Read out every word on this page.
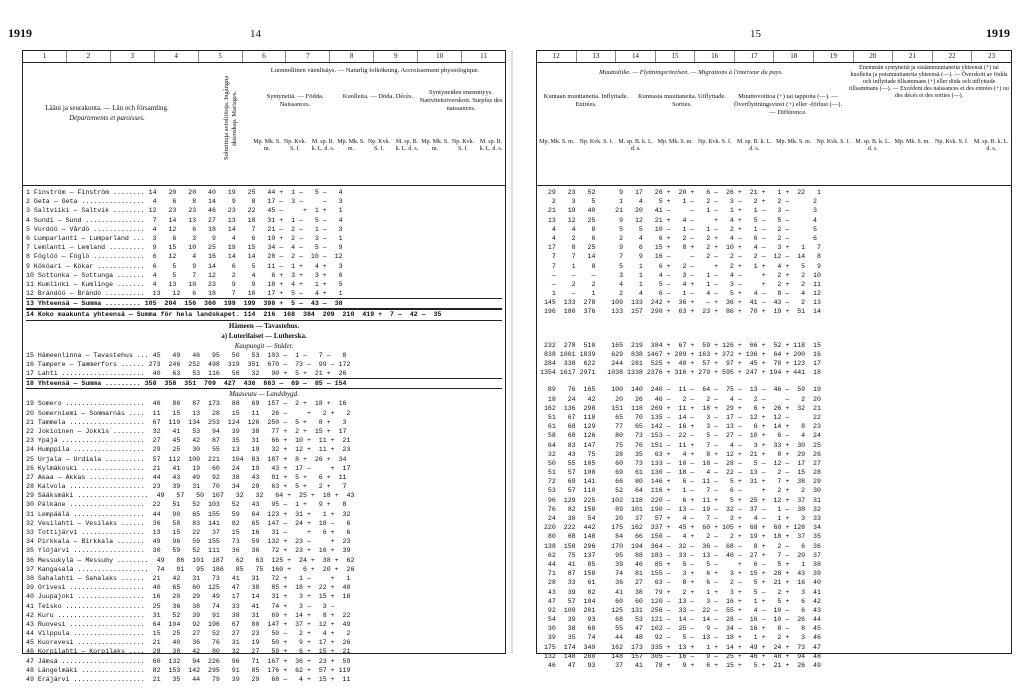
1919	14	15	1919
1	2	3	4	5	6	7	8	9	10	11
Lääni ja seurakunta. — Län och församling.
Départements et paroisses.	Solmittuja avioliittoja. Ingångna äktenskap. Mariages.
Luonnollinen väenlisäys. — Naturlig folkökning. Accroissement physiologique.
Syntyneitä. — Födda. Naissances.
Kuolleita. — Döda. Décès.
Syntyneiden enemmyys. Nativitetsöverskott. Surplus des naissances.
Mp. Mk. S. m.
Np. Kvk. S. f.
M. sp. B. k. L. d. s.
Mp. Mk. S. m.
Np. Kvk. S. f.
M. sp. B. k. L. d. s.
Mp. Mk. S. m.
Np. Kvk. S. f.
M. sp. B. k. L. d. s.
1 Finström — Finström ........ 14   20   20   40   19   25   44 +  1 —   5 —   4
2 Geta — Geta ................  4    6    8   14    9    8   17 —  3 —     —   3
3 Saltviiki — Saltvik ........ 12   23   23   46   23   22   45 —     +  1 +   1
4 Sundi — Sund ...............  7   14   13   27   13   18   31 +  1 —   5 —   4
5 Vordöö — Vårdö .............  4   12    6   18   14    7   21 —  2 —   1 —   3
6 Lumparlanti — Lumparland ...  3    6    3    9    4    6   10 +  2 —   3 —   1
7 Lemlanti — Lemland .........  9   15   10   25   19   15   34 —  4 —   5 —   9
8 Föglöö — Föglö .............  6   12    4   16   14   14   28 —  2 —  10 —  12
9 Kököari — Kökar ............  6    5    9   14    6    5   11 —  1 +   4 +   3
10 Sottunka — Sottunga .......  4    5    7   12    2    4    6 +  3 +   3 +   6
11 Kumlinki — Kumlinge .......  4   13   10   23    9    9   18 +  4 +   1 +   5
12 Brändöö — Brändö ..........  13   12   6   18    7   10   17 +  5 —   4 +   1
13 Yhteensä — Summa ......... 105  204  156  360  199  199  398 +  5 —  43 —  38
14 Koko maakunta yhteensä — Summa för hela landskapet. 114  216  168  384  209  210  419 +  7 —  42 —  35
Hämeen — Tavastehus.
a) Luterilaiset — Lutherska.
Kaupungit — Städer.
15 Hämeenlinna — Tavastehus ... 45   49   46   95   50   53  103 —  1 —   7 —   8
16 Tampere — Tammerfors ...... 273  246  252  498  319  351  670 —  73 —  99 — 172
17 Lahti .....................  40   63   53  116   58   32   90 +  5 +  21 +  26
18 Yhteensä — Summa ......... 358  358  351  709  427  436  863 —  69 —  85 — 154
Maaseutu — Landsbygd.
19 Somero ....................  46   86   87  173   88   69  157 —  2 +  18 +  16
20 Somerniemi — Sommarnäs ....  11   15   13   28   15   11   26 —     +   2 +   2
21 Tammela ...................  67  119  134  253  124  126  250 —  5 +   8 +   3
22 Jokioinen — Jokkis ........  32   41   53   94   39   38   77 +  2 +  15 +  17
23 Ypäjä .....................  27   45   42   87   35   31   66 +  10 +  11 +  21
24 Humppila ..................  29   25   30   55   13   19   32 +  12 +  11 +  23
25 Urjala — Urdiala ..........  57  112  109  221   104  83  187 +  8 +  26 +  34
26 Kylmäkoski ................  21   41   19   60   24   19   43 +  17 —     +  17
27 Akaa — Akkas ..............  44   43   49   92   38   43   81 +  5 +   6 +  11
28 Kalvola ...................  23   39   31   70   34   29   63 +  5 +   2 +   7
29 Sääksmäki ..................  49   57   50  107   32   32   64 +  25 +  18 +  43
30 Pälkäne ...................  22   51   52  103   52   43   95 —  1 +   9 +   8
31 Lempäälä ..................  44   90   65  155   59   64  123 +  31 +   1 +  32
32 Vesilahti — Vesilaks ......  36   58   83  141   82   65  147 —  24 +  18 —   6
33 Tottijärvi ................  13   15   22   37   15   16   31 —     +   6 +   6
34 Pirkkala — Birkkala .......  49   96   59  155   73   59  132 +  23 —     +  23
35 Ylöjärvi ..................  30   59   52  111   36   36   72 +  23 +  16 +  39
36 Messukylä — Messuby ........  49   86  101  187   62   63  125 +  24 +  38 +  62
37 Kangasala ..................  74   91   95  186   85   75  160 +   6 +  20 +  26
38 Sahalahti — Sahalaks ......  21   42   31   73   41   31   72 +   1 —     +   1
39 Orivesi ...................  40   65   60  125   47   38   85 +  18 +  22 +  40
40 Juupajoki .................  16   20   29   49   17   14   31 +   3 +  15 +  18
41 Teisko ....................  25   36   38   74   33   41   74 +   3 —   3 —
42 Kuru ......................  31   52   39   91   38   31   69 +  14 +   8 +  22
43 Ruovesi ...................  64  104   92  196   67   80  147 +  37 +  12 +  49
44 Vilppula ..................  15   25   27   52   27   23   50 —   2 +   4 +   2
45 Kuorevesi .................  21   40   36   76   31   19   50 +   9 +  17 +  26
46 Korpilahti — Korpilaks ....  28   38   42   80   32   27   59 +   6 +  15 +  21
47 Jämsä .....................  60  132   94  226   96   71  167 +  36 +  23 +  59
48 Längelmäki ................  82  153  142  295   91   85  176 +  62 +  57 + 119
49 Eräjärvi ..................  21   35   44   79   39   29   68 —   4 +  15 +  11
12	13	14	15	16	17	18	19	20	21	22	23
Muuttoliike. — Flyttningsrörelsen. — Migrations à l'intérieur du pays.
Kuntaan muuttaneita. Inflyttade. Entrées.
Kunnasta muuttaneita. Utflyttade. Sorties.
Muuttovoittoa (+) tai tappiota (—). — Överflyttningsvinst (+) eller -förlust (—). — Différence.
Enemmän syntyneitä ja sisäänmuuttaneita yhteensä (+) tai kuolleita ja poismuuttaneita yhteensä (—). — Överskott av födda och inflyttade tillsammans (+) eller döda och utflyttade tillsammans (—). — Excédent des naissances et des entrées (+) ou des décès et des sorties (—).
Mp. Mk. S. m. Np. Kvk. S. f. M. sp. B. k. L. d. s.
Mp. Mk. S. m. Np. Kvk. S. f. M. sp. B. k. L. d. s.
Mp. Mk. S. m. Np. Kvk. S. f. M. sp. B. k. L. d. s.
Mp. Mk. S. m. Np. Kvk. S. f. M. sp. B. k. L. d. s.
29   23   52      9   17   26 +  20 +   6 —  26 +  21 +   1 +  22   1
2    3    5      1    4    5 +   1 —   2 —   3 —   2 +   2 —      2
21   19   40     21   20   41 —     —   1 —   1 +   1 —   3 —      3
13   12   25      9   12   21 +   4 —     +   4 +   5 —   5 —      4
4    4    8      5    5   10 —   1 —   1 —   2 +   1 —   2 —      5
4    2    6      2    4    6 +   2 —   2 +   4 —   6 —   2 —      6
17    8   25      9    6   15 +   8 +   2 +  10 +   4 —   3 +   1   7
7    7   14      7    9   16 —     —   2 —   2 —   2 —  12 —  14   8
7    1    8      5    1    6 +   2 —     +   2 +   1 +   4 +   5   9
—    —    —      3    1    4 —   3 —   1 —   4 —     +   2 +   2  10
—    2    2      4    1    5 —   4 +   1 —   3 —     +   2 +   2  11
1    —    1      2    4    6 —   1 —   4 —   5 +   4 —   8 —   4  12
145  133  278    109  133  242 +  36 +   — +  36 +  41 —  43 —   2  13
196  180  376    133  157  290 +  63 +  23 +  86 +  70 +  19 +  51  14
232  278  510    165  219  384 +  67 +  59 + 126 +  66 +  52 + 118  15
838 1001 1839    629  838 1467 + 209 + 163 + 372 + 136 +  64 + 200  16
284  338  622    244  281  525 +  40 +  57 +  97 +  45 +  78 + 123  17
1354 1617 2971   1038 1338 2376 + 316 + 279 + 595 + 247 + 194 + 441  18
89   76  165    100  140  240 —  11 —  64 —  75 —  13 —  46 —  59  19
18   24   42     20   26   46 —   2 —   2 —   4 —   2 —     —   2  20
162  136  298    151  118  269 +  11 +  18 +  29 +   6 +  26 +  32  21
51   67  118     65   70  135 —  14 —   3 —  17 —  12 +  12 —      22
61   68  129     77   65  142 —  16 +   3 —  13 —   6 +  14 +   8  23
58   68  126     80   73  153 —  22 —   5 —  27 —  10 +   6 —   4  24
64   83  147     75   76  151 —  11 +   7 —   4 —   3 +  33 +  30  25
32   43   75     28   35   63 +   4 +   8 +  12 +  21 +   8 +  29  26
50   55  105     60   73  133 —  10 —  18 —  28 —   5 —  12 —  17  27
51   57  108     69   61  130 —  18 —   4 —  22 —  13 —   2 —  15  28
72   69  141     66   80  146 +   6 —  11 —   5 +  31 +   7 +  38  29
53   57  110     52   64  116 +   1 —   7 —   6 —     +   2 +   2  30
96  129  225    102  118  220 —   6 +  11 +   5 +  25 +  12 +  37  31
76   82  158     89  101  190 —  13 —  19 —  32 —  37 —   1 —  38  32
24   30   54     20   37   57 +   4 —   7 —   3 +   4 —   1 +   3  33
220  222  442    175  162  337 +  45 +  60 + 105 +  68 +  60 + 128  34
80   68  148     84   66  150 —   4 +   2 —   2 +  19 +  18 +  37  35
138  158  296    170  194  364 —  32 —  36 —  68 —   8 +   2 —   6  36
62   75  137     95   88  183 —  33 —  13 —  46 —  27 +   7 —  20  37
44   41   85     39   46   85 +   5 —   5 —     +   6 —   5 +   1  38
71   87  158     74   81  155 —   3 +   6 +   3 +  15 +  28 +  43  39
28   33   61     36   27   63 —   8 +   6 —   2 —   5 +  21 +  16  40
43   39   82     41   38   79 +   2 +   1 +   3 +   5 —   2 +   3  41
47   57  104     60   60  120 —  13 —   3 —  16 +   1 +   5 +   6  42
92  109  201    125  131  256 —  33 —  22 —  55 +   4 —  10 —   6  43
54   39   93     68   53  121 —  14 —  14 —  28 —  16 —  10 —  26  44
30   38   68     55   47  102 —  25 —   9 —  34 —  16 +   8 —   8  45
39   35   74     44   48   92 —   5 —  13 —  18 +   1 +   2 +   3  46
175  174  349    162  173  335 +  13 +   1 +  14 +  49 +  24 +  73  47
132  148  280    148  157  305 —  16 —   9 —  25 +  46 +  48 +  94  48
46   47   93     37   41   78 +   9 +   6 +  15 +   5 +  21 +  26  49
